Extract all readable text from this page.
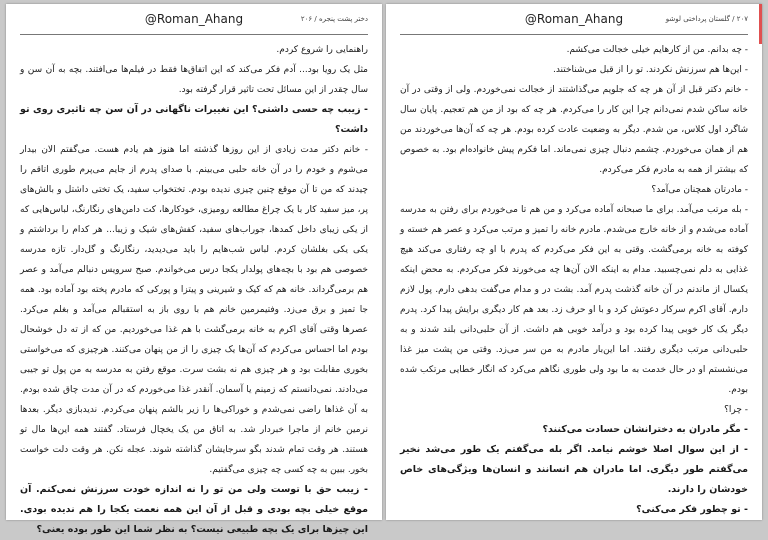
@Roman_Ahang	دختر پشت پنجره / ۲۰۶

راهنمایی را شروع کردم.

مثل یک رویا بود... آدم فکر می‌کند که این اتفاق‌ها فقط در فیلم‌ها می‌افتند. بچه به آن سن و سال چقدر از این مسائل تحت تاثیر قرار گرفته بود.

- زیبب چه حسی داشتی؟ این تغییرات ناگهانی در آن سن چه تاثیری روی تو داشت؟

- خانم دکتر مدت زیادی از این روزها گذشته اما هنوز هم یادم هست. می‌گفتم الان بیدار می‌شوم و خودم را در آن خانه حلبی می‌بینم. با صدای پدرم از جایم می‌پرم طوری اتاقم را چیدند که من تا آن موقع چنین چیزی ندیده بودم. تختخواب سفید، یک تختی داشتل و بالش‌های پر، میز سفید کار با یک چراغ مطالعه رومیزی، خودکارها، کت دامن‌های رنگارنگ، لباس‌هایی که از یکی زیبای داخل کمدها، جوراب‌های سفید، کفش‌های شیک و زیبا... هر کدام را برداشتم و یکی یکی بغلشان کردم. لباس شب‌هایم را باید می‌دیدید، رنگارنگ و گل‌دار. تازه مدرسه خصوصی هم بود با بچه‌های پولدار یکجا درس می‌خواندم. صبح سرویس دنبالم می‌آمد و عصر هم برمی‌گرداند. خانه هم که کیک و شیرینی و پیتزا و پورکی که مادرم پخته بود آماده بود. همه جا تمیز و برق می‌زد. وفتیمرمین خانم هم با روی باز به استقبالم می‌آمد و بغلم می‌کرد. عصرها وقتی آقای اکرم به خانه برمی‌گشت با هم غذا می‌خوردیم. من که از ته دل خوشحال بودم اما احساس می‌کردم که آن‌ها یک چیزی را از من پنهان می‌کنند. هرچیزی که می‌خواستی بخوری مقابلت بود و هر چیزی هم نه بشت سرت. موقع رفتن به مدرسه به من پول تو جیبی می‌دادند. نمی‌دانستم که زمینم یا آسمان. آنقدر غذا می‌خوردم که در آن مدت چاق شده بودم. به آن غذاها راضی نمی‌شدم و خوراکی‌ها را زیر بالشم پنهان می‌کردم. ندیدبازی دیگر. بعدها نرمین خانم از ماجرا خبردار شد. به اتاق من یک یخچال فرستاد. گفتند همه این‌ها مال تو هستند. هر وقت تمام شدند بگو سرجایشان گذاشته شوند. عجله نکن. هر وقت دلت خواست بخور. ببین به چه کسی چه چیزی می‌گفتیم.

- زیبب حق با توست ولی من تو را نه اندازه خودت سرزنش نمی‌کنم. آن موقع خیلی بچه بودی و قبل از آن این همه نعمت یکجا را هم ندیده بودی. این چیزها برای یک بچه طبیعی نیست؟ به نظر شما این طور بوده یعنی؟

@Roman_Ahang	۲۰۷ / گلستان پرداختی لوشو

- چه بدانم. من از کارهایم خیلی خجالت می‌کشم.

- این‌ها هم سرزنش نکردند. تو را از قبل می‌شناختند.

- خانم دکتر قبل از آن هر چه که جلویم می‌گذاشتند از خجالت نمی‌خوردم. ولی از وقتی در آن خانه ساکن شدم نمی‌دانم چرا این کار را می‌کردم. هر چه که بود از من هم تعجیم. پایان سال شاگرد اول کلاس، من شدم. دیگر به وضعیت عادت کرده بودم. هر چه که آن‌ها می‌خوردند من هم از همان می‌خوردم. چشمم دنبال چیزی نمی‌ماند. اما فکرم پیش خانواده‌ام بود. به خصوص که بیشتر از همه به مادرم فکر می‌کردم.

- مادرتان همچنان می‌آمد؟

- بله مرتب می‌آمد. برای ما صبحانه آماده می‌کرد و من هم تا می‌خوردم برای رفتن به مدرسه آماده می‌شدم و از خانه خارج می‌شدم. مادرم خانه را تمیز و مرتب می‌کرد و عصر هم خسته و کوفته به خانه برمی‌گشت. وقتی به این فکر می‌کردم که پدرم با او چه رفتاری می‌کند هیچ غذایی به دلم نمی‌چسبید. مدام به اینکه الان آن‌ها چه می‌خورند فکر می‌کردم. به محض اینکه یکسال از ماندنم در آن خانه گذشت پدرم آمد. بشت در و مدام می‌گفت بدهی دارم. پول لازم دارم. آقای اکرم سرکار دعوتش کرد و با او حرف زد. بعد هم کار دیگری برایش پیدا کرد. پدرم دیگر یک کار خوبی پیدا کرده بود و درآمد خوبی هم داشت. از آن حلبی‌دانی بلند شدند و به حلبی‌دانی مرتب دیگری رفتند. اما این‌بار مادرم به من سر می‌زد. وقتی من پشت میز غذا می‌نشستم او در حال خدمت به ما بود ولی طوری نگاهم می‌کرد که انگار خطایی مرتکب شده بودم.

- چرا؟

- مگر مادران به دخترانشان حسادت می‌کنند؟

- از این سوال اصلا خوشم نیامد. اگر بله می‌گفتم یک طور می‌شد نخیر می‌گفتم طور دیگری. اما مادران هم انسانند و انسان‌ها ویژگی‌های خاص خودشان را دارند.

- تو چطور فکر می‌کنی؟
